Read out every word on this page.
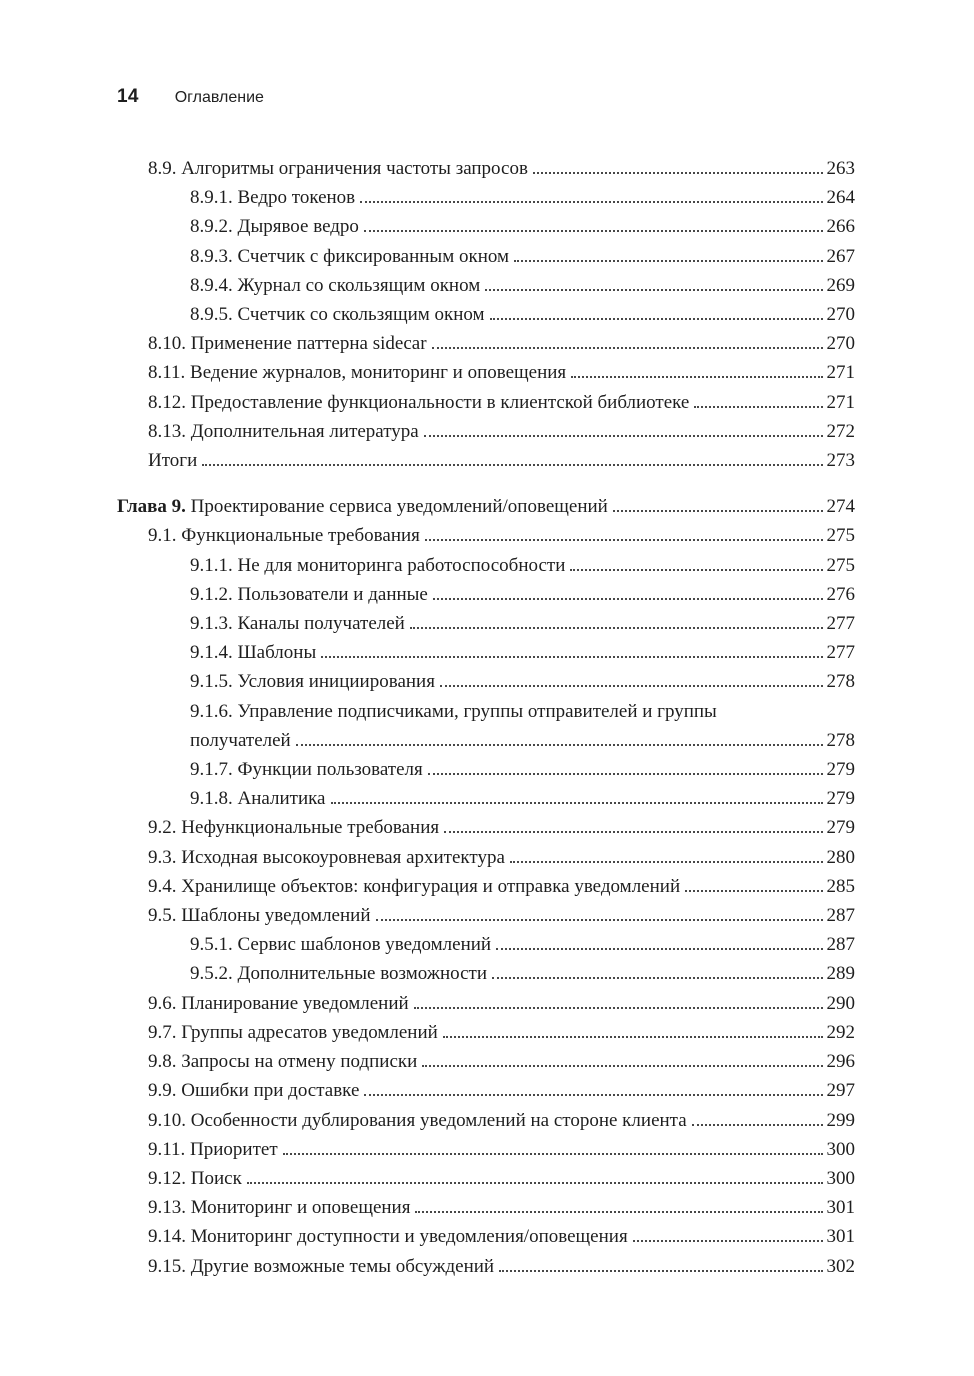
14 Оглавление
8.9. Алгоритмы ограничения частоты запросов	263
8.9.1. Ведро токенов	264
8.9.2. Дырявое ведро	266
8.9.3. Счетчик с фиксированным окном	267
8.9.4. Журнал со скользящим окном	269
8.9.5. Счетчик со скользящим окном	270
8.10. Применение паттерна sidecar	270
8.11. Ведение журналов, мониторинг и оповещения	271
8.12. Предоставление функциональности в клиентской библиотеке	271
8.13. Дополнительная литература	272
Итоги	273
Глава 9. Проектирование сервиса уведомлений/оповещений	274
9.1. Функциональные требования	275
9.1.1. Не для мониторинга работоспособности	275
9.1.2. Пользователи и данные	276
9.1.3. Каналы получателей	277
9.1.4. Шаблоны	277
9.1.5. Условия инициирования	278
9.1.6. Управление подписчиками, группы отправителей и группы
получателей	278
9.1.7. Функции пользователя	279
9.1.8. Аналитика	279
9.2. Нефункциональные требования	279
9.3. Исходная высокоуровневая архитектура	280
9.4. Хранилище объектов: конфигурация и отправка уведомлений	285
9.5. Шаблоны уведомлений	287
9.5.1. Сервис шаблонов уведомлений	287
9.5.2. Дополнительные возможности	289
9.6. Планирование уведомлений	290
9.7. Группы адресатов уведомлений	292
9.8. Запросы на отмену подписки	296
9.9. Ошибки при доставке	297
9.10. Особенности дублирования уведомлений на стороне клиента	299
9.11. Приоритет	300
9.12. Поиск	300
9.13. Мониторинг и оповещения	301
9.14. Мониторинг доступности и уведомления/оповещения	301
9.15. Другие возможные темы обсуждений	302
